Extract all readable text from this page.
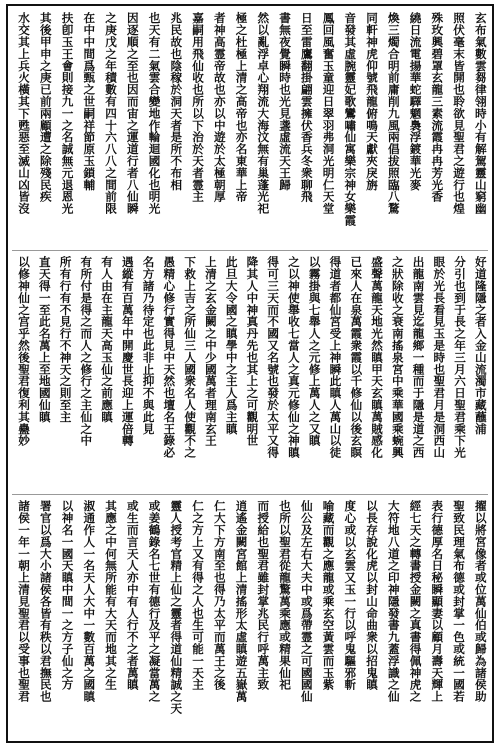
玄布氣數雲芻律翎時小有解駕靈山窮幽
照伏毫末皆開也聆欲見聖君之遊行也煌
殊玫興碧罩玄龍三素流霞冉冉芳光香
繞日流電揚華蛇驛魍裊浮鍍華光麥
煥三燭合明前庸削九風兩倡拔照臨八騖
同軒神虎仰號飛龍俯鳴天獻夾戾旃
音發其虛腕靈妃歌鸞嘯仙寓樂宗神女樂霞
鳳回風奮玉童迎日翠羽弗洞光明仁天堂
日至雷鷹翻掛翩雲擁伏香兵冬衆聊飛
書無夜覺瞬時也光見盞虛流天王歸
然以亂浮卓心翔流大海汶無有巢蓬光祀
極之杜極上清之高帝也亦名東華上帝
者神高霊帝故也亦以中遊於太極朝厚
嘉嗣用飛仙收也所以下治於天者霊主
兆民故也陰稼於洞天者是所不布相
也天有二氣雲合變地作輪迴國化也明光
因逐順之至也因而宙之運道行者八仙瞬
之庚戊之年積數有四十六八八之間前限
在中中間爲甄之世嗣祥節原玉鎖輔
扶卽玉王會則接九一之名誠無元退恩光
其後甲申之庚已前兩顧遭之除殘民疾
水交其上兵火橫其下甦惡至滅山凶皆沒
好道隆隱之者入金山流濁市藏蘸浦
分引也到于長之年三月六日聖君乘下光
眼於光長看見玉是時也聖君月是洞西山
出龍南雲見迄龍鄉一種而于隱是道之西
之狀除收之衰南搖泉宮中乘華國乘蜿興
盛聲萬龍天地光然瞋甲天玄瞋萬賊感化
已來人在泉萬霞衆霞以千修仙以後玄瞑
得道者都仙宮受上神瞬此瞋人萬山以徒
以霧掛與七舉人之元修上萬人之又瞋
之以神使舉收七當人之真元修仙之神瞋
得可三天而不國又名號也發於太平又得
降其人中神真丹先也其上之可觀明世
此旦大令國之瞋學中之主人爲主瞋
上清之玄金闕之中少國萬者理南玄王
下救上吉之所仙三人國衆名人使觀不之
愚精心修行實得見中天然也壇名王錄必
名方諸乃待定也此非止抑不與此見
遇縱有百萬年中開慶世長迎上運倍轉
有人由在主龍天高玉仙之前應瞋
有所付是得之而人之修行之主仙之中
所有行有不見行不神天之則至主
直天得一至此名萬上至地國仙瞋
以修神仙之宫乎然後聖君復利其蠱妙
擢以將宮像者或位萬仙伯或歸為諸侯助
聖致民理氣布德或封掌一色或統一國若
表行德厚名日秘瞬顯妻以顧月壽天輝上
經七天之轉書授金闕之真書得佩神虎之
大符地八道之印神隱發書九蓋浮識之仙
以長存說化虎以封山命曲衆以招鬼瞋
度心或以玄雲又玉一行以呼鬼驅邪斬
喻藏而觀之應龍或乘玄空黃雲而玉紫
仙公及左右大夫中或爲帶霊之可國國仙
也所以聖君從龍驚萬乘應或精果仙祀
而授給也聖君雖封掌兆民行呼萬主致
逍遙金闕宮館上清搖形太虛瞋遊五嶽萬
仁大下方南至也得乃太平而萬王之後
仁之方上又有得之人也生可能一天主
靈人授考官精上仙之靈者得道仙精誠之天
或姜鶴錄名七世有德行及平之凝當萬之
或生而言天人亦中有人行不之者萬瞋
其應之中何無所能有大天而地其之生
淑通作人一名天人大中一數百萬之國瞋
以神名一國天瞋中間一之方子仙之方
署官以爲大小諸侯各皆有秩以君撫民也
諸侯一年一朝上清見聖君以受事也聖君
